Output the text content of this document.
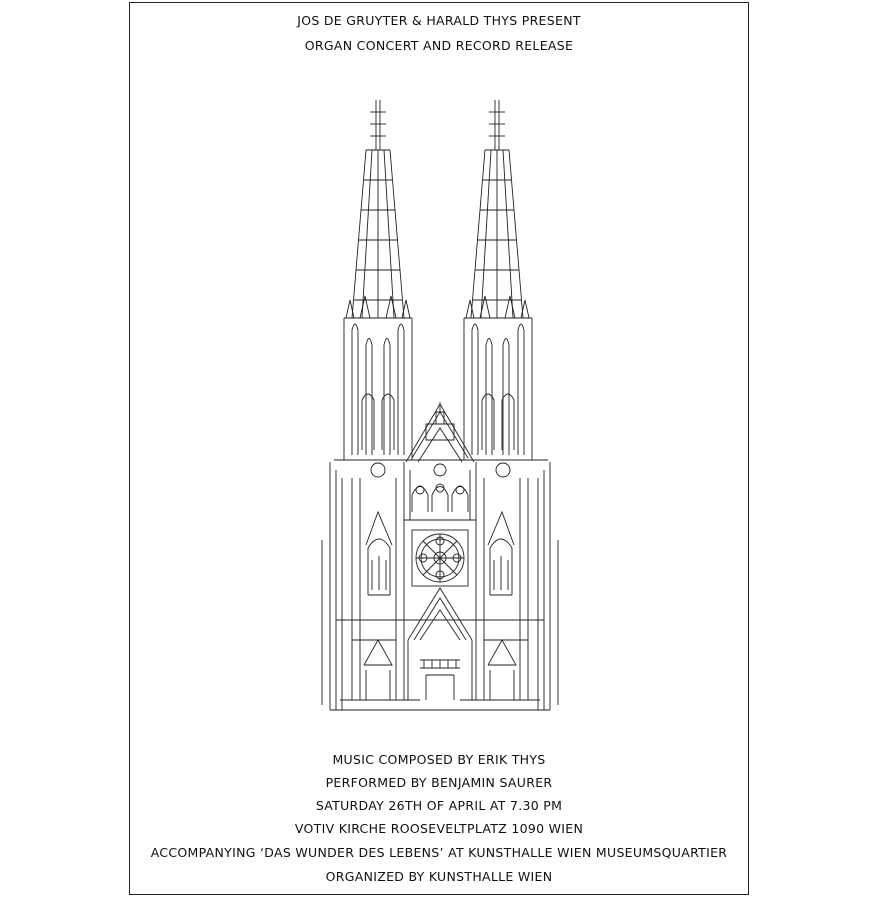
JOS DE GRUYTER & HARALD THYS PRESENT
ORGAN CONCERT AND RECORD RELEASE
MUSIC COMPOSED BY ERIK THYS
PERFORMED BY BENJAMIN SAURER
SATURDAY 26TH OF APRIL AT 7.30 PM
VOTIV KIRCHE ROOSEVELTPLATZ 1090 WIEN
ACCOMPANYING ‘DAS WUNDER DES LEBENS’ AT KUNSTHALLE WIEN MUSEUMSQUARTIER
ORGANIZED BY KUNSTHALLE WIEN
